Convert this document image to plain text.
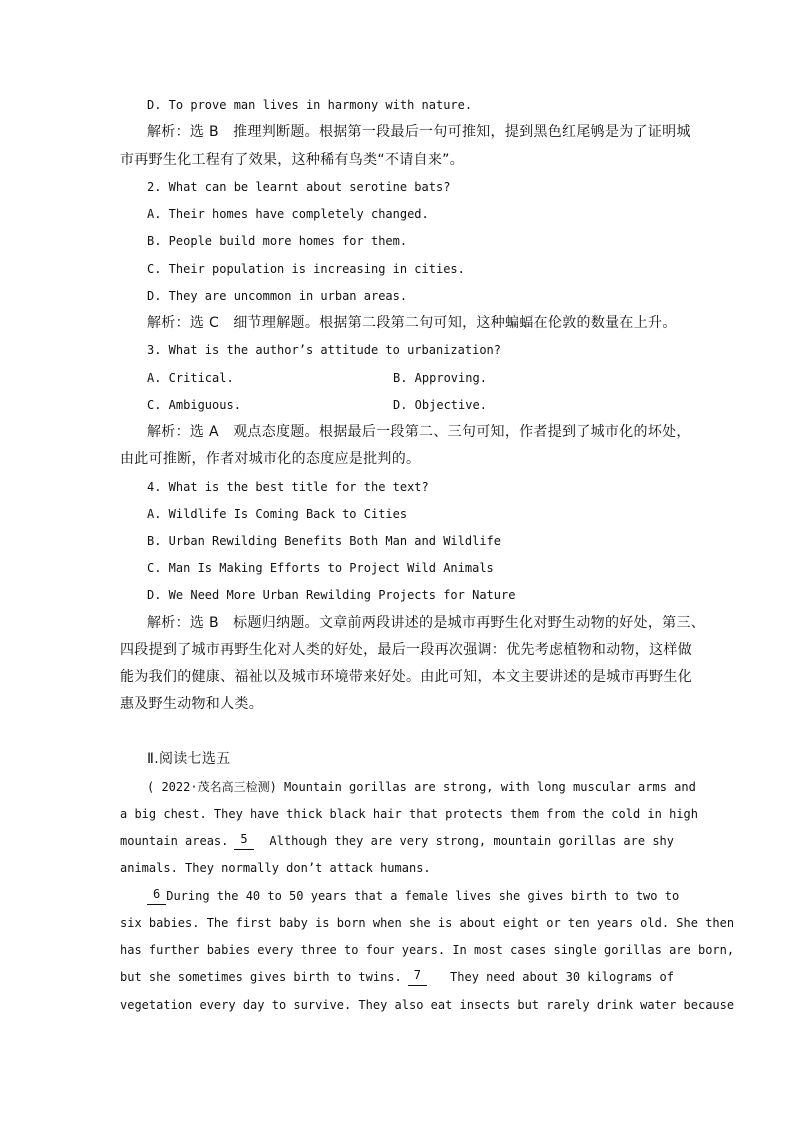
D. To prove man lives in harmony with nature.
解析：选 B　推理判断题。根据第一段最后一句可推知，提到黑色红尾鸲是为了证明城
市再野生化工程有了效果，这种稀有鸟类“不请自来”。
2. What can be learnt about serotine bats?
A. Their homes have completely changed.
B. People build more homes for them.
C. Their population is increasing in cities.
D. They are uncommon in urban areas.
解析：选 C　细节理解题。根据第二段第二句可知，这种蝙蝠在伦敦的数量在上升。
3. What is the author’s attitude to urbanization?
A. Critical.	B. Approving.
C. Ambiguous.	D. Objective.
解析：选 A　观点态度题。根据最后一段第二、三句可知，作者提到了城市化的坏处，
由此可推断，作者对城市化的态度应是批判的。
4. What is the best title for the text?
A. Wildlife Is Coming Back to Cities
B. Urban Rewilding Benefits Both Man and Wildlife
C. Man Is Making Efforts to Project Wild Animals
D. We Need More Urban Rewilding Projects for Nature
解析：选 B　标题归纳题。文章前两段讲述的是城市再野生化对野生动物的好处，第三、
四段提到了城市再野生化对人类的好处，最后一段再次强调：优先考虑植物和动物，这样做
能为我们的健康、福祉以及城市环境带来好处。由此可知，本文主要讲述的是城市再野生化
惠及野生动物和人类。
Ⅱ.阅读七选五
( 2022·茂名高三检测) Mountain gorillas are strong, with long muscular arms and
a big chest. They have thick black hair that protects them from the cold in high
mountain areas.	5	Although they are very strong, mountain gorillas are shy
animals. They normally don’t attack humans.
6 During the 40 to 50 years that a female lives she gives birth to two to
six babies. The first baby is born when she is about eight or ten years old. She then
has further babies every three to four years. In most cases single gorillas are born,
but she sometimes gives birth to twins.	7	They need about 30 kilograms of
vegetation every day to survive. They also eat insects but rarely drink water because
